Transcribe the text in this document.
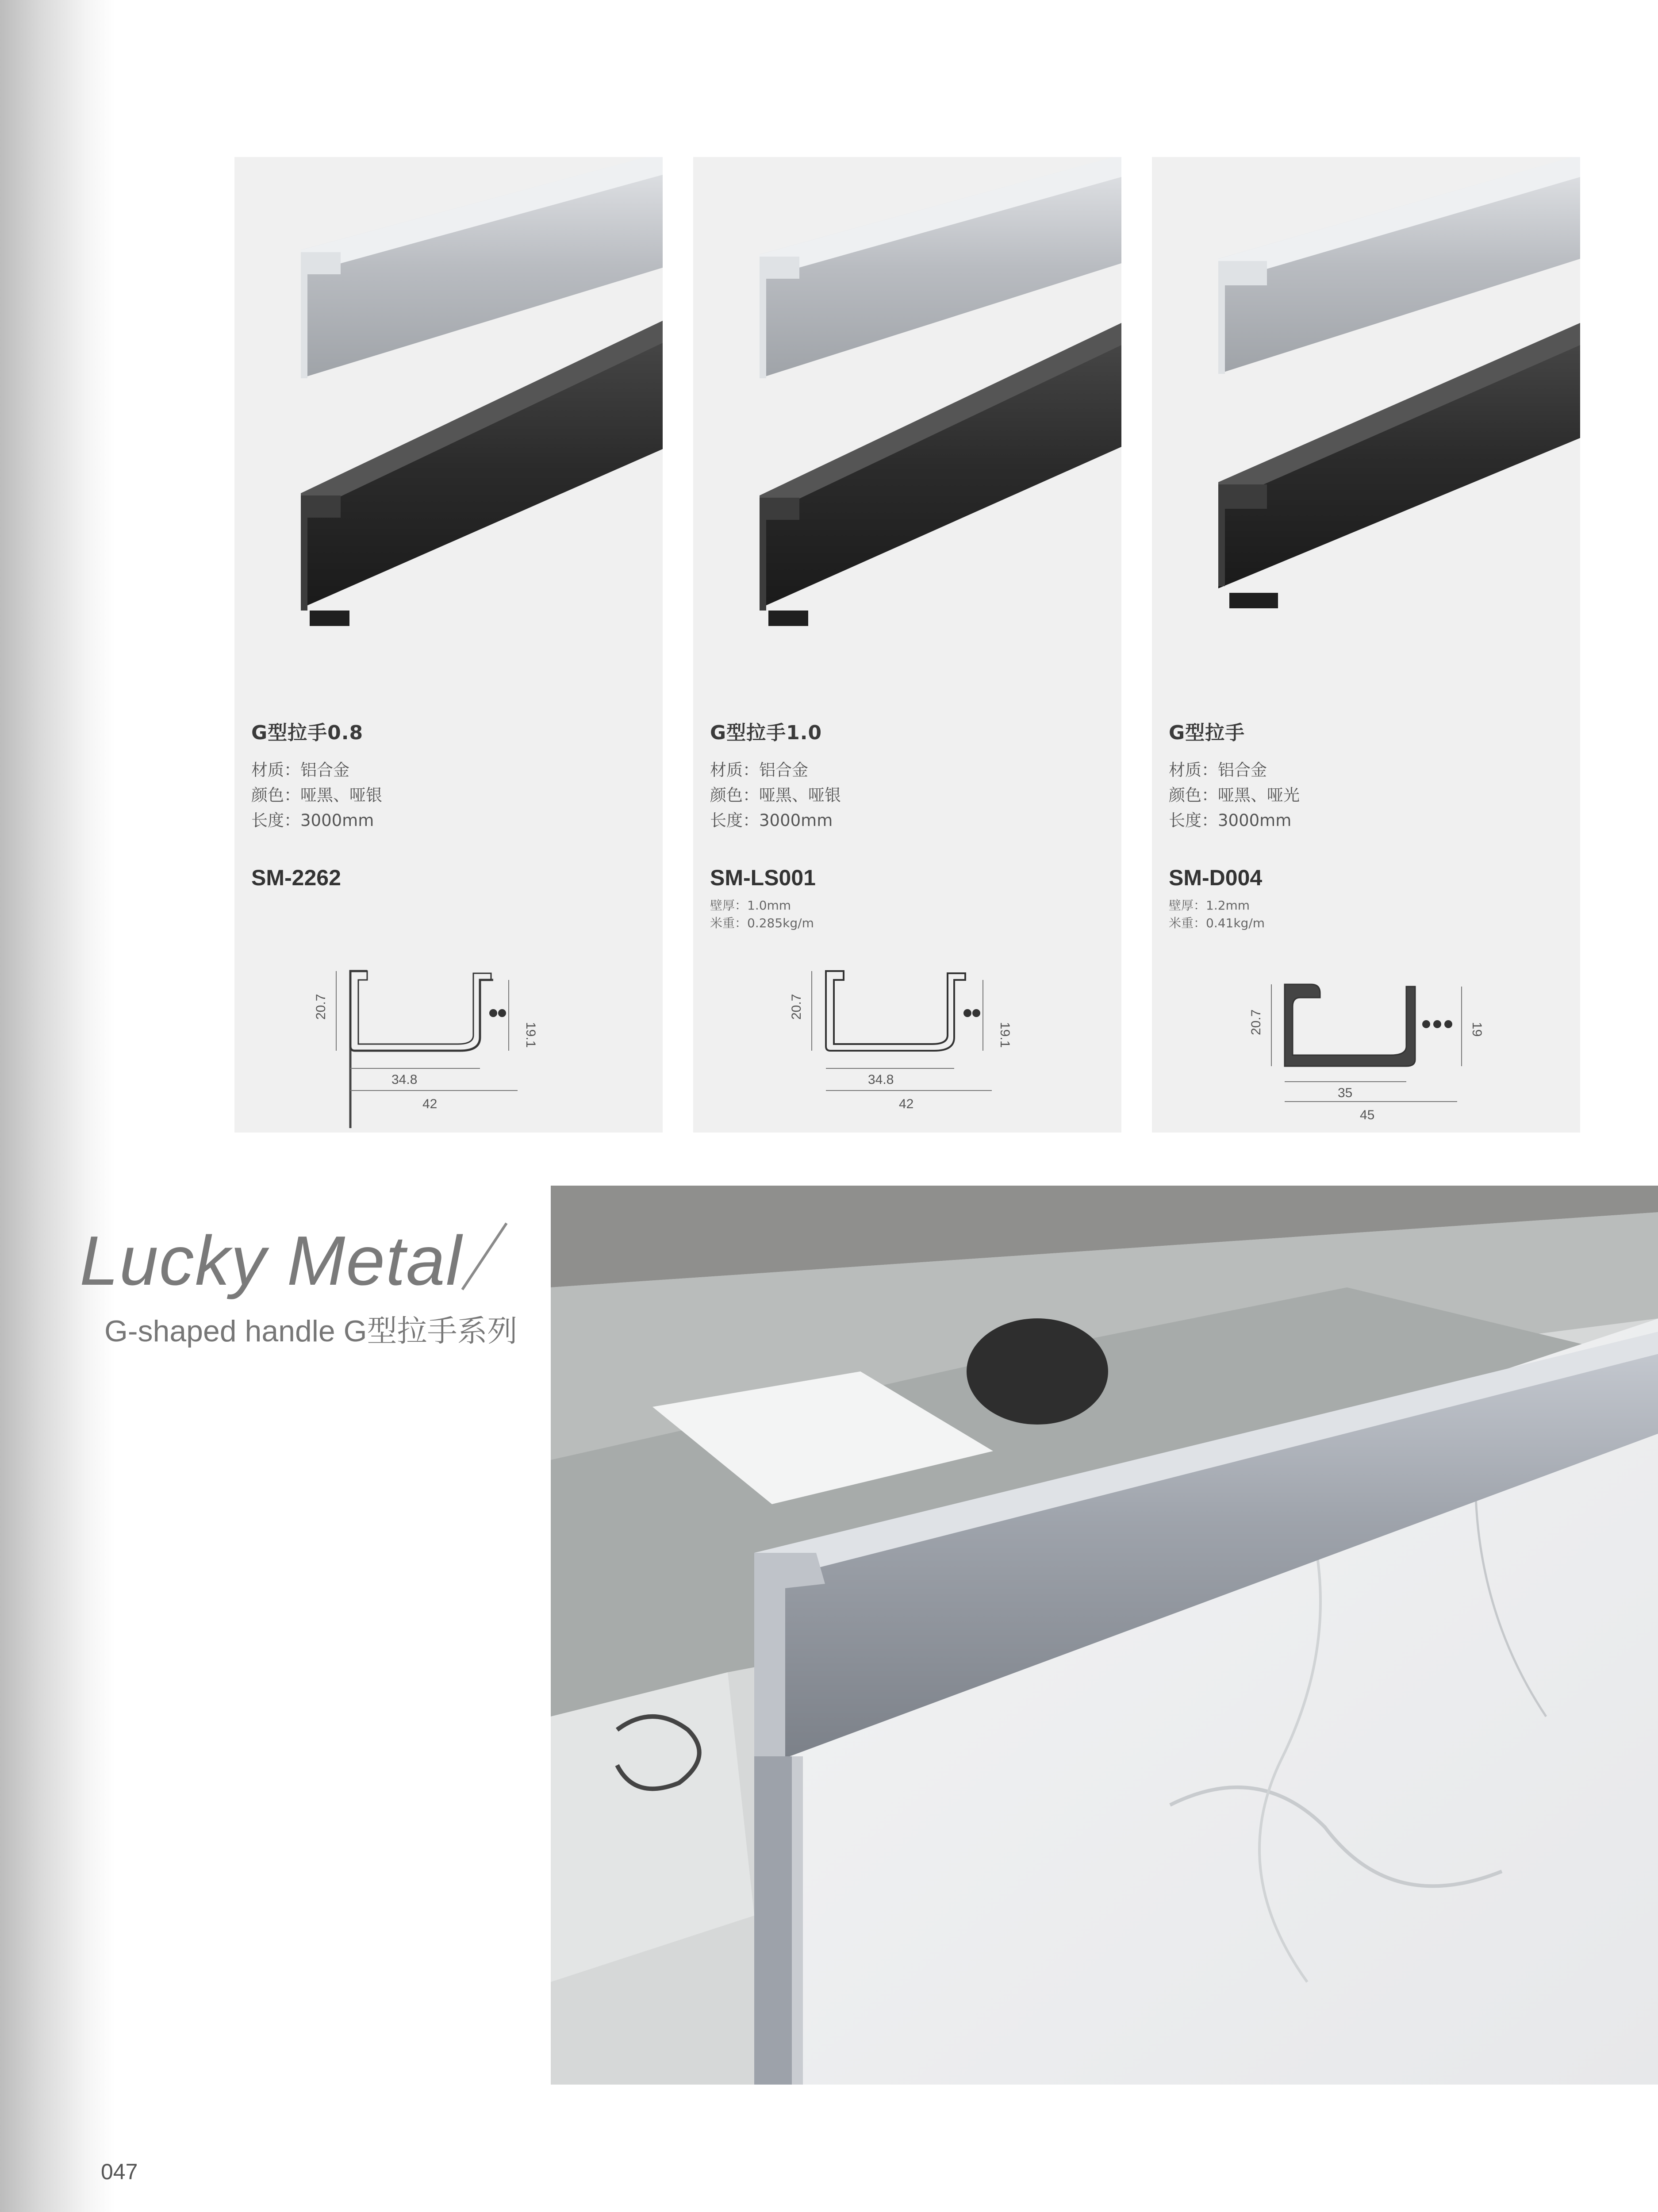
G型拉手0.8
材质：铝合金
颜色：哑黑、哑银
长度：3000mm
SM-2262
20.7
19.1
34.8
42
G型拉手1.0
材质：铝合金
颜色：哑黑、哑银
长度：3000mm
SM-LS001
壁厚：1.0mm
米重：0.285kg/m
20.7
19.1
34.8
42
G型拉手
材质：铝合金
颜色：哑黑、哑光
长度：3000mm
SM-D004
壁厚：1.2mm
米重：0.41kg/m
20.7	19
35
45
Lucky Metal
G-shaped handle G型拉手系列
047
